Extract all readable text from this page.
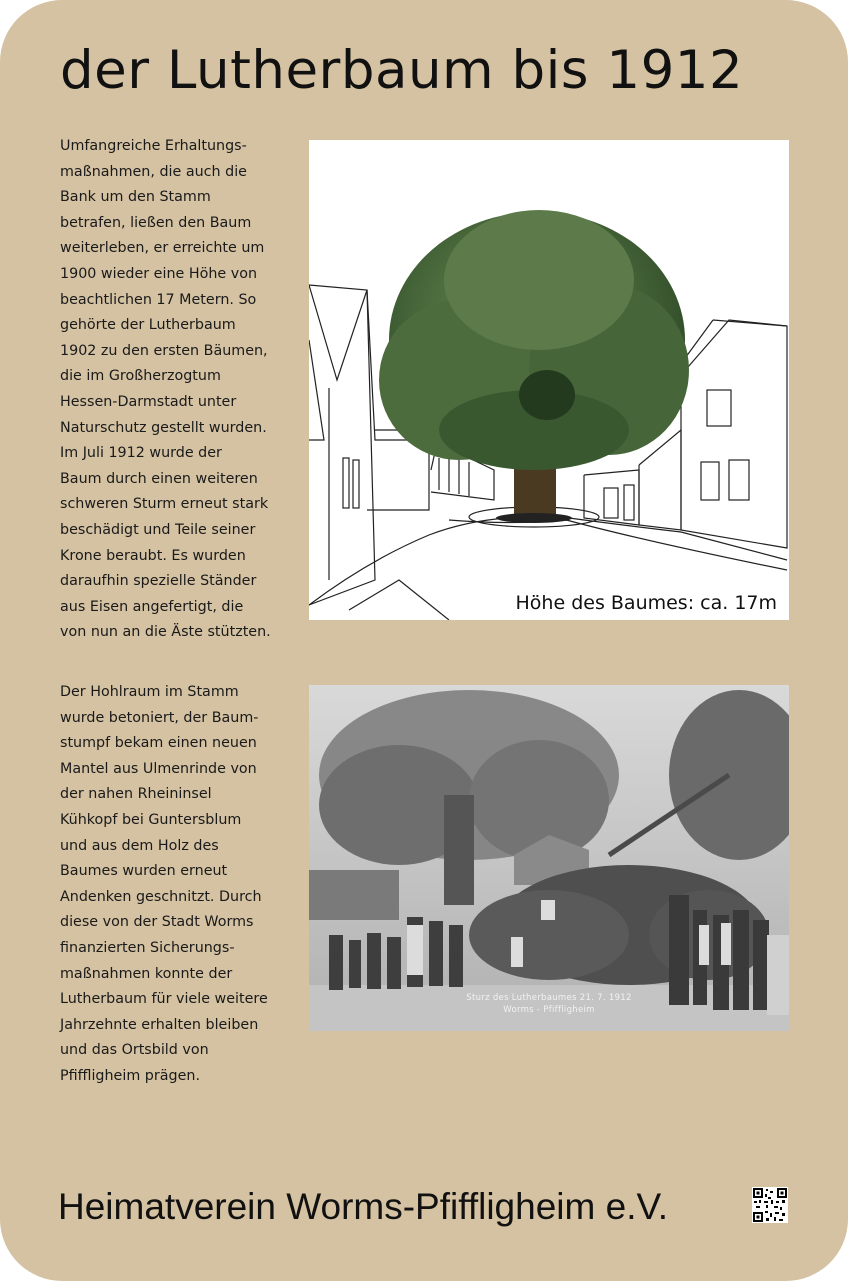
der Lutherbaum bis 1912

Umfangreiche Erhaltungs-
maßnahmen, die auch die
Bank um den Stamm
betrafen, ließen den Baum
weiterleben, er erreichte um
1900 wieder eine Höhe von
beachtlichen 17 Metern. So
gehörte der Lutherbaum
1902 zu den ersten Bäumen,
die im Großherzogtum
Hessen-Darmstadt unter
Naturschutz gestellt wurden.
Im Juli 1912 wurde der
Baum durch einen weiteren
schweren Sturm erneut stark
beschädigt und Teile seiner
Krone beraubt. Es wurden
daraufhin spezielle Ständer
aus Eisen angefertigt, die
von nun an die Äste stützten.

Höhe des Baumes: ca. 17m

Der Hohlraum im Stamm
wurde betoniert, der Baum-
stumpf bekam einen neuen
Mantel aus Ulmenrinde von
der nahen Rheininsel
Kühkopf bei Guntersblum
und aus dem Holz des
Baumes wurden erneut
Andenken geschnitzt. Durch
diese von der Stadt Worms
finanzierten Sicherungs-
maßnahmen konnte der
Lutherbaum für viele weitere
Jahrzehnte erhalten bleiben
und das Ortsbild von
Pfiffligheim prägen.

Sturz des Lutherbaumes 21. 7. 1912
Worms - Pfiffligheim
Heimatverein Worms-Pfiffligheim e.V.
